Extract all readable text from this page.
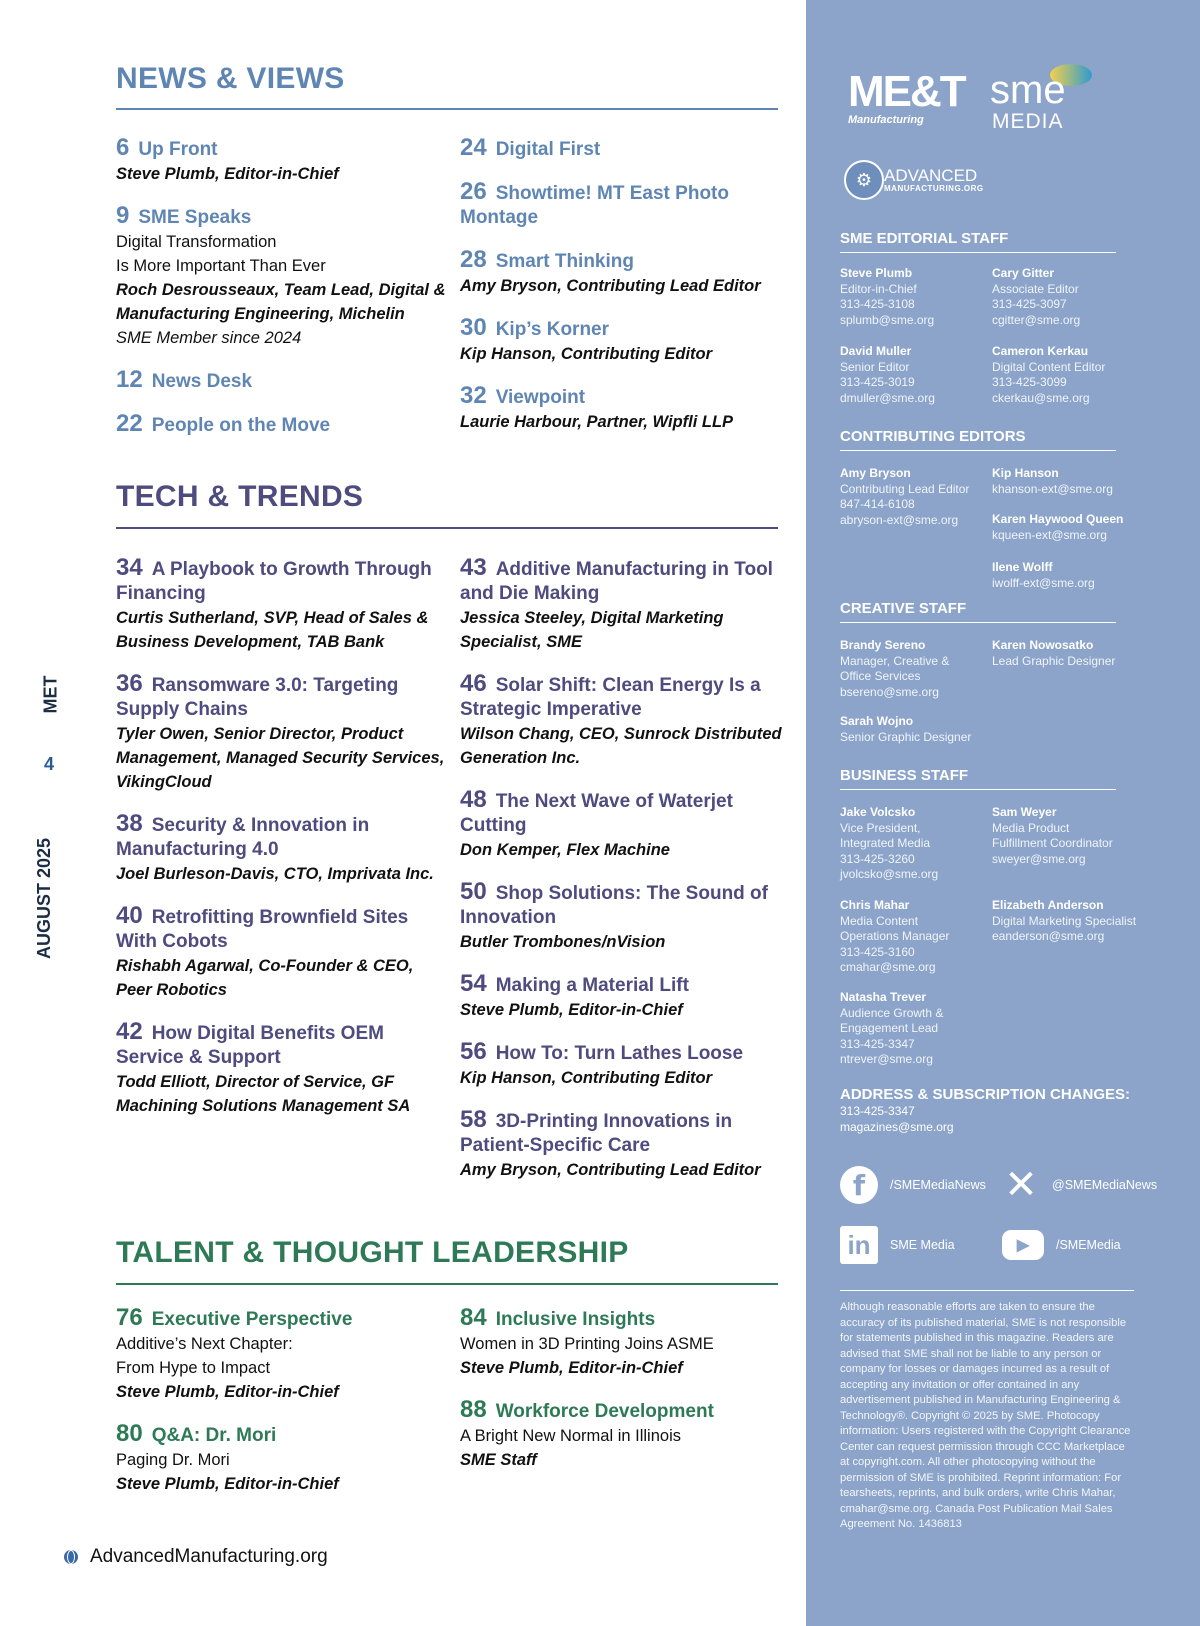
NEWS & VIEWS
6 Up Front
Steve Plumb, Editor-in-Chief
9 SME Speaks
Digital Transformation
Is More Important Than Ever
Roch Desrousseaux, Team Lead, Digital & Manufacturing Engineering, Michelin
SME Member since 2024
12 News Desk
22 People on the Move
24 Digital First
26 Showtime! MT East Photo Montage
28 Smart Thinking
Amy Bryson, Contributing Lead Editor
30 Kip’s Korner
Kip Hanson, Contributing Editor
32 Viewpoint
Laurie Harbour, Partner, Wipfli LLP
TECH & TRENDS
34 A Playbook to Growth Through Financing
Curtis Sutherland, SVP, Head of Sales & Business Development, TAB Bank
36 Ransomware 3.0: Targeting Supply Chains
Tyler Owen, Senior Director, Product Management, Managed Security Services, VikingCloud
38 Security & Innovation in Manufacturing 4.0
Joel Burleson-Davis, CTO, Imprivata Inc.
40 Retrofitting Brownfield Sites With Cobots
Rishabh Agarwal, Co-Founder & CEO, Peer Robotics
42 How Digital Benefits OEM Service & Support
Todd Elliott, Director of Service, GF Machining Solutions Management SA
43 Additive Manufacturing in Tool and Die Making
Jessica Steeley, Digital Marketing Specialist, SME
46 Solar Shift: Clean Energy Is a Strategic Imperative
Wilson Chang, CEO, Sunrock Distributed Generation Inc.
48 The Next Wave of Waterjet Cutting
Don Kemper, Flex Machine
50 Shop Solutions: The Sound of Innovation
Butler Trombones/nVision
54 Making a Material Lift
Steve Plumb, Editor-in-Chief
56 How To: Turn Lathes Loose
Kip Hanson, Contributing Editor
58 3D-Printing Innovations in Patient-Specific Care
Amy Bryson, Contributing Lead Editor
TALENT & THOUGHT LEADERSHIP
76 Executive Perspective
Additive’s Next Chapter:
From Hype to Impact
Steve Plumb, Editor-in-Chief
80 Q&A: Dr. Mori
Paging Dr. Mori
Steve Plumb, Editor-in-Chief
84 Inclusive Insights
Women in 3D Printing Joins ASME
Steve Plumb, Editor-in-Chief
88 Workforce Development
A Bright New Normal in Illinois
SME Staff
MET
4
AUGUST 2025
AdvancedManufacturing.org
ME&T
Manufacturing
sme
MEDIA
⚙ ADVANCED
MANUFACTURING.ORG
SME EDITORIAL STAFF
CONTRIBUTING EDITORS
CREATIVE STAFF
BUSINESS STAFF
Steve Plumb
Editor-in-Chief
313-425-3108
splumb@sme.org
Cary Gitter
Associate Editor
313-425-3097
cgitter@sme.org
David Muller
Senior Editor
313-425-3019
dmuller@sme.org
Cameron Kerkau
Digital Content Editor
313-425-3099
ckerkau@sme.org
Amy Bryson
Contributing Lead Editor
847-414-6108
abryson-ext@sme.org
Kip Hanson
khanson-ext@sme.org
Karen Haywood Queen
kqueen-ext@sme.org
Ilene Wolff
iwolff-ext@sme.org
Brandy Sereno
Manager, Creative &
Office Services
bsereno@sme.org
Karen Nowosatko
Lead Graphic Designer
Sarah Wojno
Senior Graphic Designer
Jake Volcsko
Vice President,
Integrated Media
313-425-3260
jvolcsko@sme.org
Sam Weyer
Media Product
Fulfillment Coordinator
sweyer@sme.org
Chris Mahar
Media Content
Operations Manager
313-425-3160
cmahar@sme.org
Elizabeth Anderson
Digital Marketing Specialist
eanderson@sme.org
Natasha Trever
Audience Growth &
Engagement Lead
313-425-3347
ntrever@sme.org
ADDRESS & SUBSCRIPTION CHANGES:
313-425-3347
magazines@sme.org
f	/SMEMediaNews ✕ @SMEMediaNews
in	SME Media	▶	/SMEMedia
Although reasonable efforts are taken to ensure the accuracy of its published material, SME is not responsible for statements published in this magazine. Readers are advised that SME shall not be liable to any person or company for losses or damages incurred as a result of accepting any invitation or offer contained in any advertisement published in Manufacturing Engineering & Technology®. Copyright © 2025 by SME. Photocopy information: Users registered with the Copyright Clearance Center can request permission through CCC Marketplace at copyright.com. All other photocopying without the permission of SME is prohibited. Reprint information: For tearsheets, reprints, and bulk orders, write Chris Mahar, cmahar@sme.org. Canada Post Publication Mail Sales Agreement No. 1436813
